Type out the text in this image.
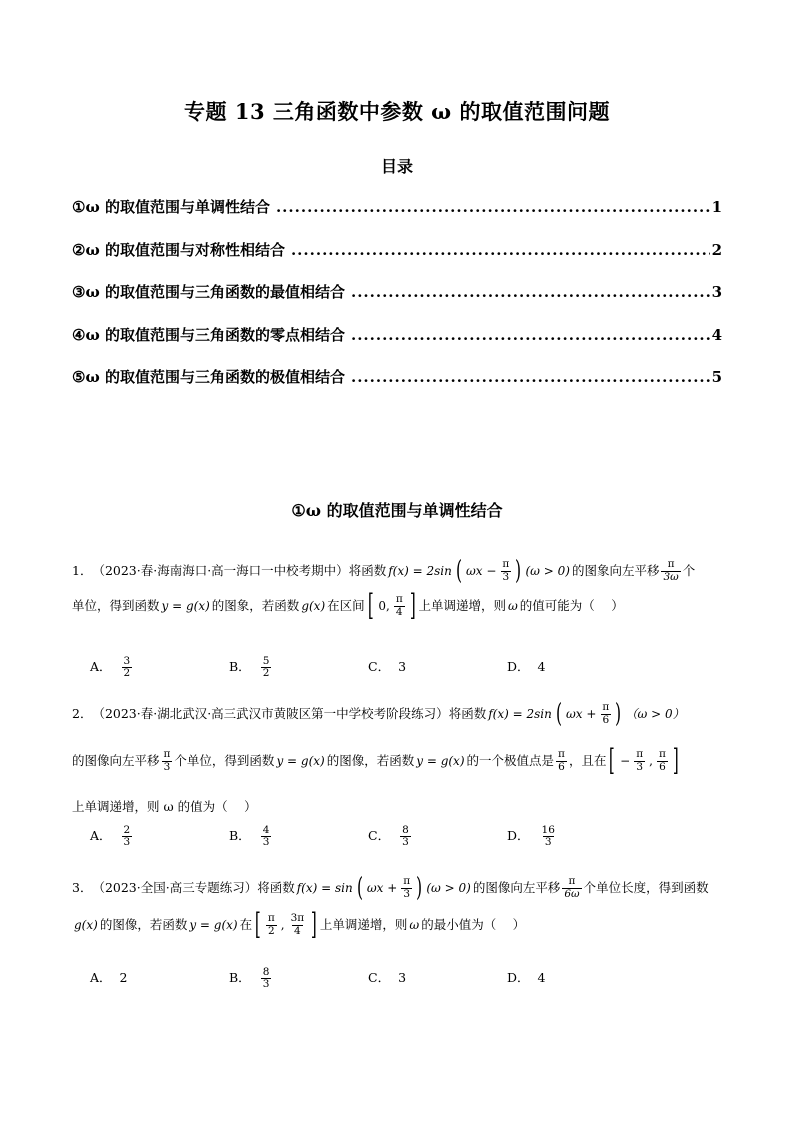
专题 13 三角函数中参数 ω 的取值范围问题
目录
①ω 的取值范围与单调性结合 .....	1
②ω 的取值范围与对称性相结合 .....	2
③ω 的取值范围与三角函数的最值相结合 .....	3
④ω 的取值范围与三角函数的零点相结合 .....	4
⑤ω 的取值范围与三角函数的极值相结合 .....	5
①ω 的取值范围与单调性结合
1． （2023·春·海南海口·高一海口一中校考期中） 将函数 f(x) = 2sin ( $\omega x - \frac{\pi}{3}$ ) (ω > 0) 的图象向左平移 $\frac{\pi}{3\omega}$ 个
单位，得到函数 y = g(x) 的图象，若函数 g(x) 在区间 [ 0, $\frac{\pi}{4}$ ] 上单调递增，则 ω 的值可能为（　 ）
A． $\frac{3}{2}$	B． $\frac{5}{2}$	C． 3	D． 4
2． （2023·春·湖北武汉·高三武汉市黄陂区第一中学校考阶段练习） 将函数 f(x) = 2sin ( $\omega x + \frac{\pi}{6}$ ) （ω > 0）
的图像向左平移 $\frac{\pi}{3}$ 个单位，得到函数 y = g(x) 的图像，若函数 y = g(x) 的一个极值点是 $\frac{\pi}{6}$ ，且在 [ − $\frac{\pi}{3}$ , $\frac{\pi}{6}$ ]
上单调递增，则 ω 的值为（　 ）
A． $\frac{2}{3}$	B． $\frac{4}{3}$	C． $\frac{8}{3}$	D． $\frac{16}{3}$
3． （2023·全国·高三专题练习） 将函数 f(x) = sin ( $\omega x + \frac{\pi}{3}$ ) (ω > 0) 的图像向左平移 $\frac{\pi}{6\omega}$ 个单位长度，得到函数
g(x) 的图像，若函数 y = g(x) 在 [ $\frac{\pi}{2}$ , $\frac{3\pi}{4}$ ] 上单调递增，则 ω 的最小值为（　 ）
A． 2	B． $\frac{8}{3}$	C． 3	D． 4
